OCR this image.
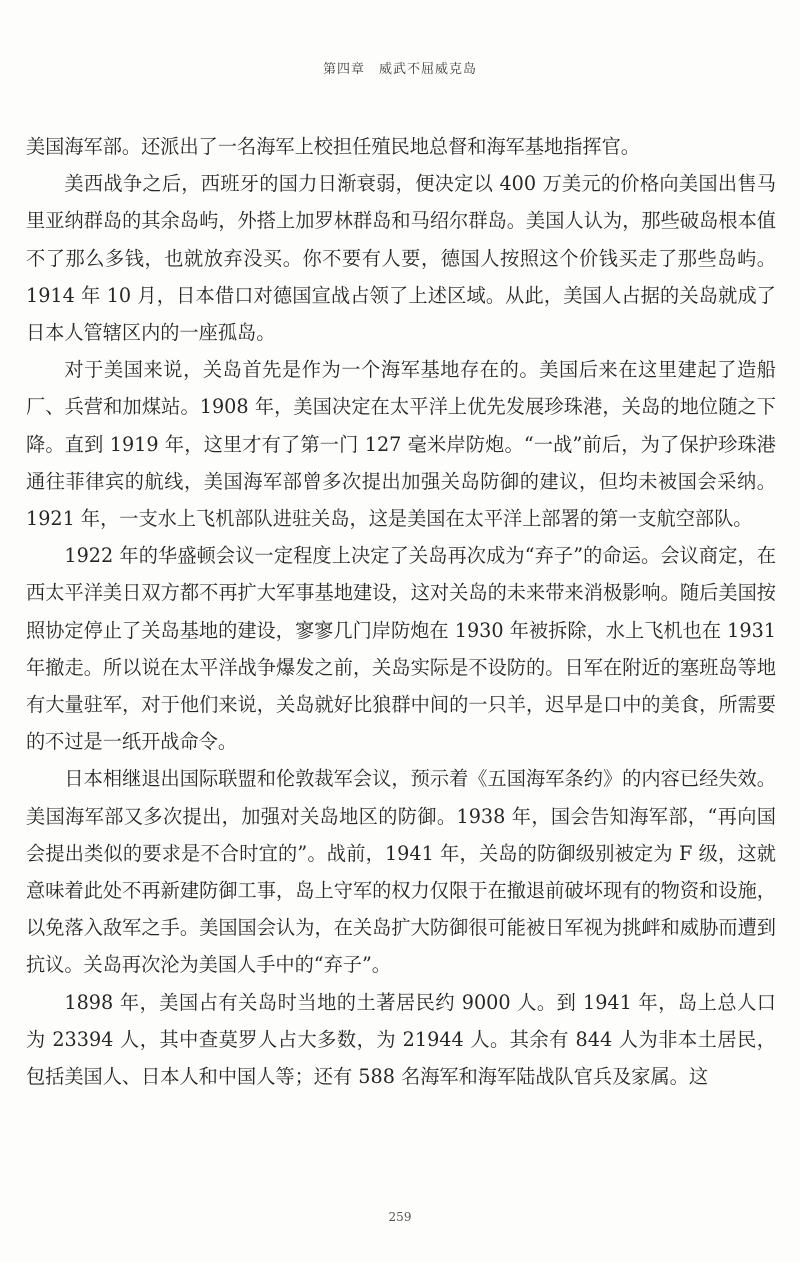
第四章 威武不屈威克岛

美国海军部。还派出了一名海军上校担任殖民地总督和海军基地指挥官。

美西战争之后，西班牙的国力日渐衰弱，便决定以 400 万美元的价格向美国出售马里亚纳群岛的其余岛屿，外搭上加罗林群岛和马绍尔群岛。美国人认为，那些破岛根本值不了那么多钱，也就放弃没买。你不要有人要，德国人按照这个价钱买走了那些岛屿。1914 年 10 月，日本借口对德国宣战占领了上述区域。从此，美国人占据的关岛就成了日本人管辖区内的一座孤岛。

对于美国来说，关岛首先是作为一个海军基地存在的。美国后来在这里建起了造船厂、兵营和加煤站。1908 年，美国决定在太平洋上优先发展珍珠港，关岛的地位随之下降。直到 1919 年，这里才有了第一门 127 毫米岸防炮。“一战”前后，为了保护珍珠港通往菲律宾的航线，美国海军部曾多次提出加强关岛防御的建议，但均未被国会采纳。1921 年，一支水上飞机部队进驻关岛，这是美国在太平洋上部署的第一支航空部队。

1922 年的华盛顿会议一定程度上决定了关岛再次成为“弃子”的命运。会议商定，在西太平洋美日双方都不再扩大军事基地建设，这对关岛的未来带来消极影响。随后美国按照协定停止了关岛基地的建设，寥寥几门岸防炮在 1930 年被拆除，水上飞机也在 1931 年撤走。所以说在太平洋战争爆发之前，关岛实际是不设防的。日军在附近的塞班岛等地有大量驻军，对于他们来说，关岛就好比狼群中间的一只羊，迟早是口中的美食，所需要的不过是一纸开战命令。

日本相继退出国际联盟和伦敦裁军会议，预示着《五国海军条约》的内容已经失效。美国海军部又多次提出，加强对关岛地区的防御。1938 年，国会告知海军部，“再向国会提出类似的要求是不合时宜的”。战前，1941 年，关岛的防御级别被定为 F 级，这就意味着此处不再新建防御工事，岛上守军的权力仅限于在撤退前破坏现有的物资和设施，以免落入敌军之手。美国国会认为，在关岛扩大防御很可能被日军视为挑衅和威胁而遭到抗议。关岛再次沦为美国人手中的“弃子”。

1898 年，美国占有关岛时当地的土著居民约 9000 人。到 1941 年，岛上总人口为 23394 人，其中查莫罗人占大多数，为 21944 人。其余有 844 人为非本土居民，包括美国人、日本人和中国人等；还有 588 名海军和海军陆战队官兵及家属。这

259
